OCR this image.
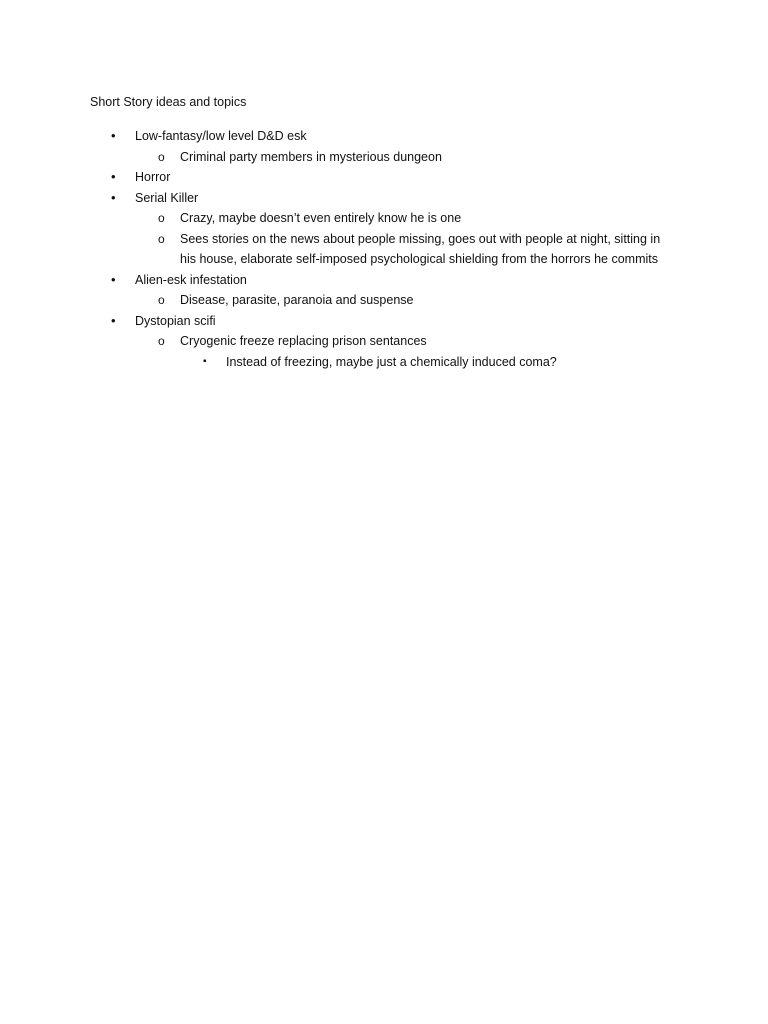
Short Story ideas and topics
• Low-fantasy/low level D&D esk
o Criminal party members in mysterious dungeon
• Horror
• Serial Killer
o Crazy, maybe doesn’t even entirely know he is one
o Sees stories on the news about people missing, goes out with people at night, sitting in his house, elaborate self-imposed psychological shielding from the horrors he commits
• Alien-esk infestation
o Disease, parasite, paranoia and suspense
• Dystopian scifi
o Cryogenic freeze replacing prison sentances
▪ Instead of freezing, maybe just a chemically induced coma?
